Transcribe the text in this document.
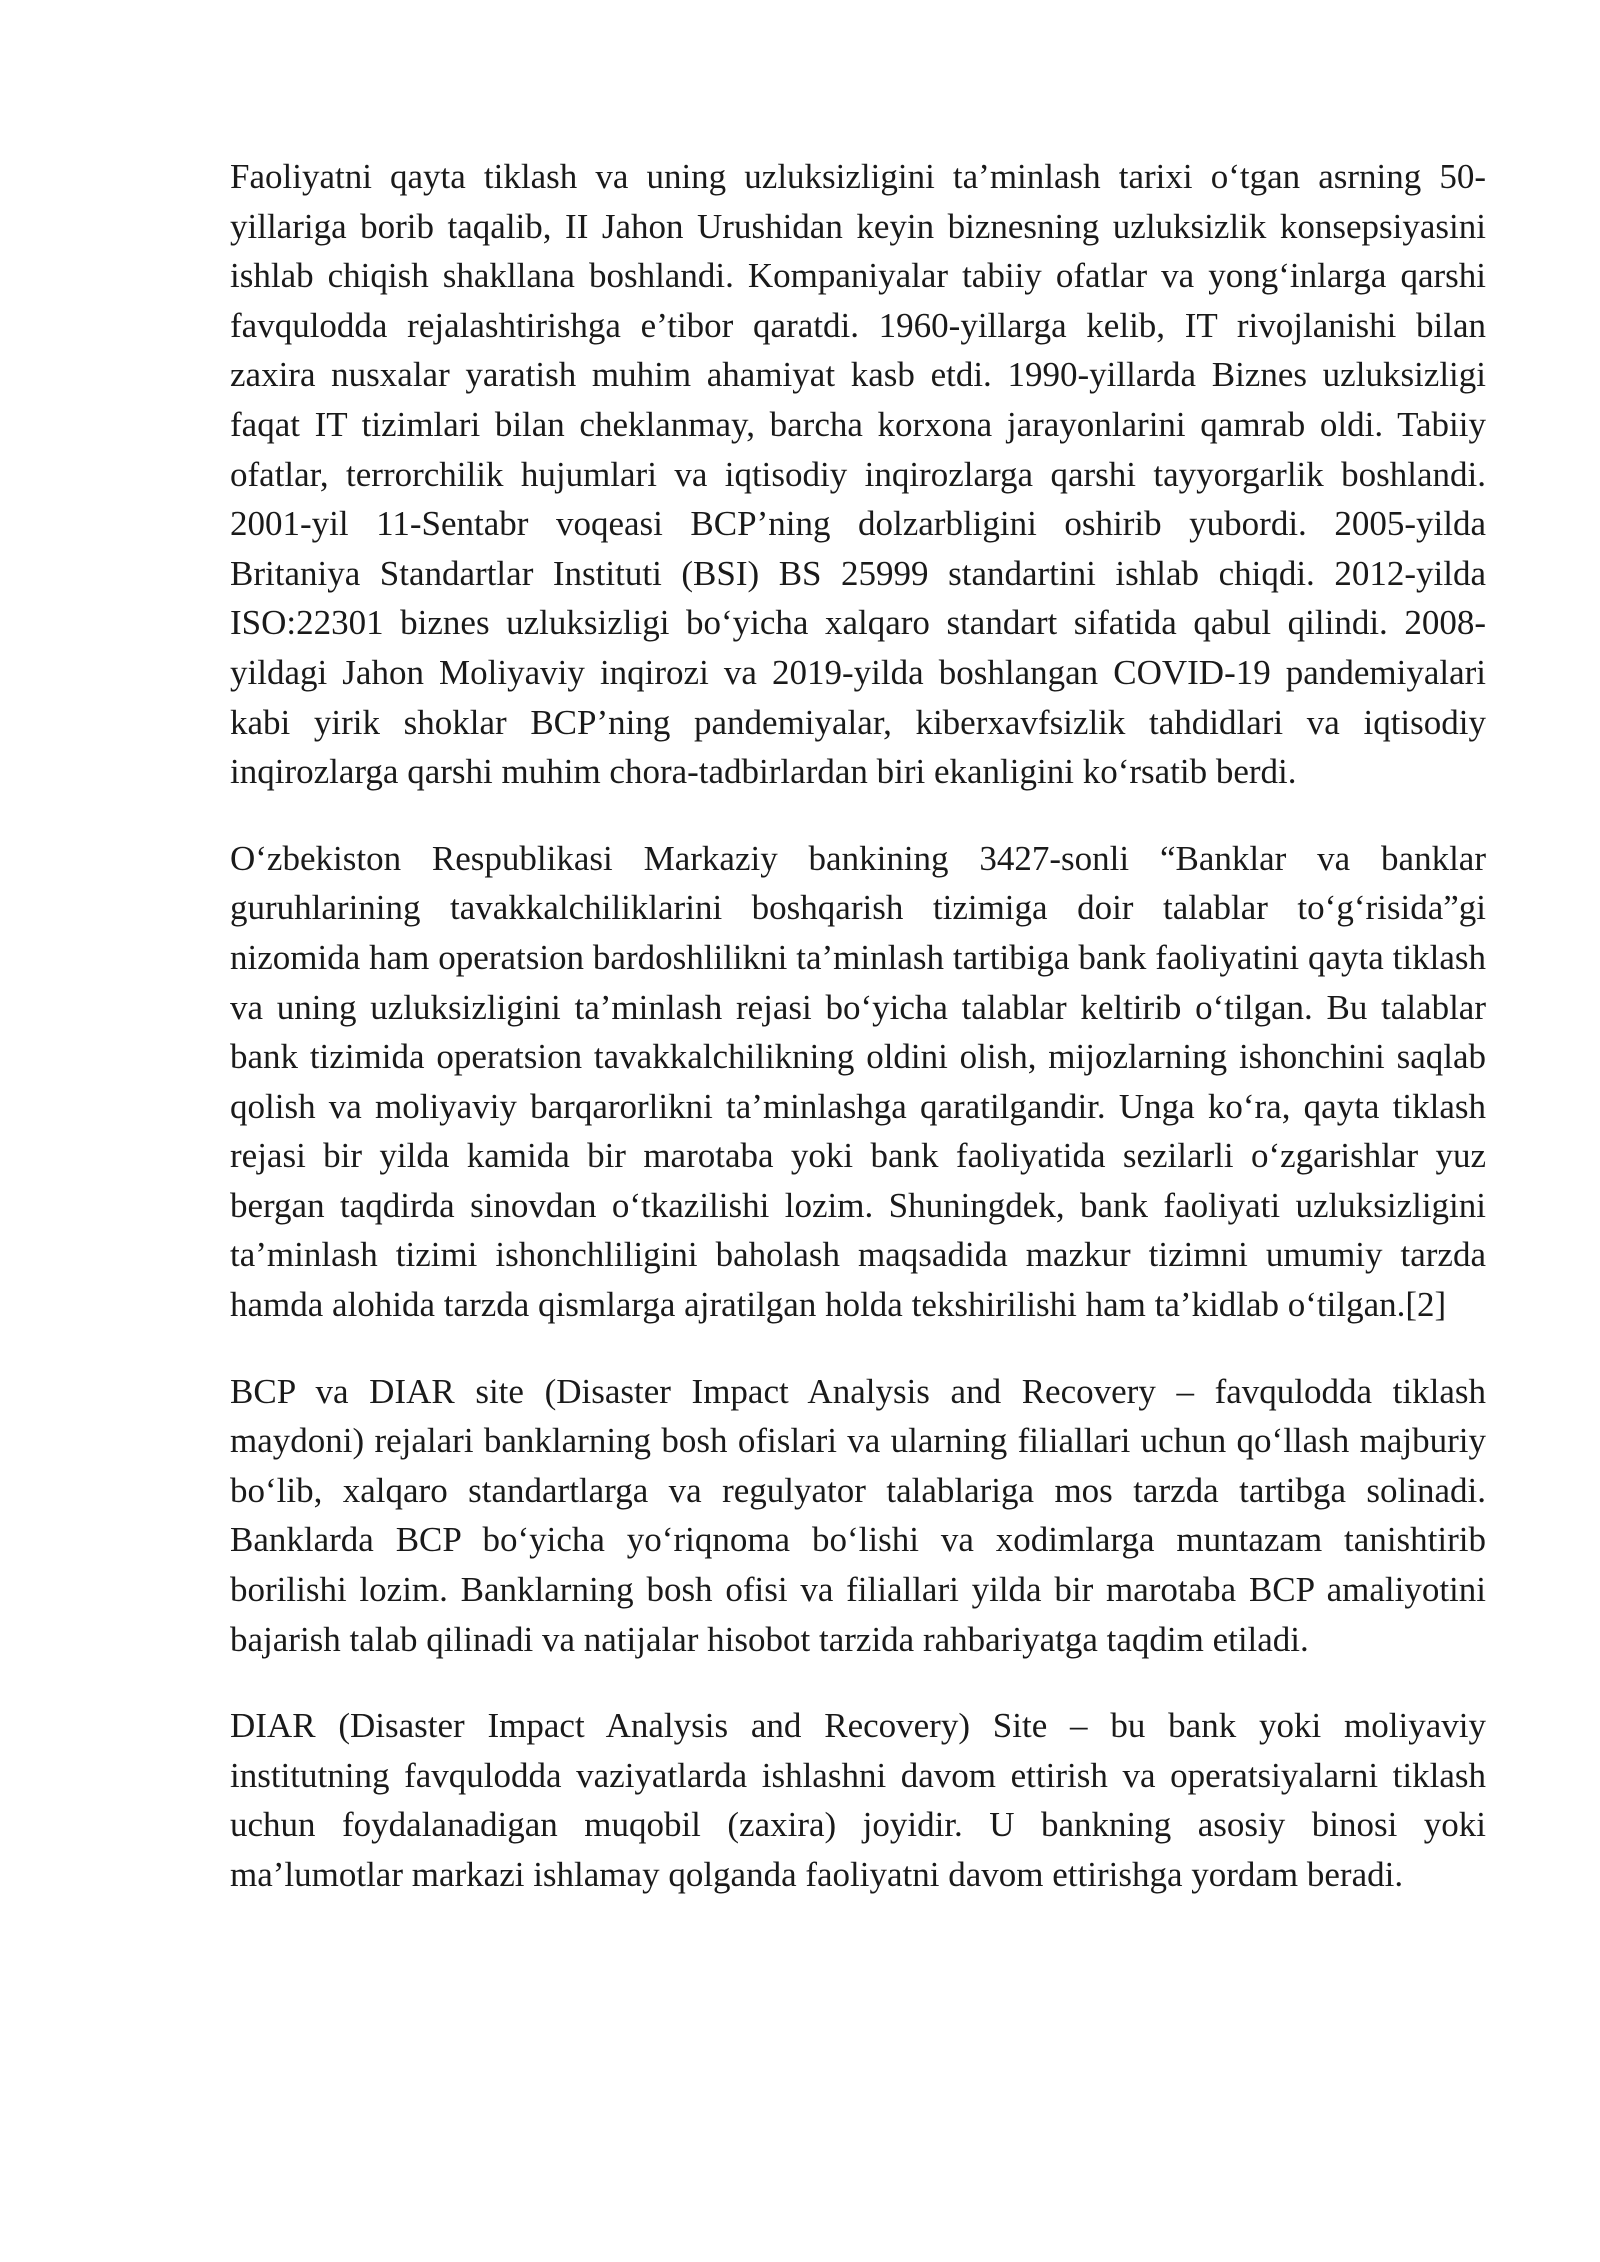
Faoliyatni qayta tiklash va uning uzluksizligini ta’minlash tarixi o‘tgan asrning 50-yillariga borib taqalib, II Jahon Urushidan keyin biznesning uzluksizlik konsepsiyasini ishlab chiqish shakllana boshlandi. Kompaniyalar tabiiy ofatlar va yong‘inlarga qarshi favqulodda rejalashtirishga e’tibor qaratdi. 1960-yillarga kelib, IT rivojlanishi bilan zaxira nusxalar yaratish muhim ahamiyat kasb etdi. 1990-yillarda Biznes uzluksizligi faqat IT tizimlari bilan cheklanmay, barcha korxona jarayonlarini qamrab oldi. Tabiiy ofatlar, terrorchilik hujumlari va iqtisodiy inqirozlarga qarshi tayyorgarlik boshlandi. 2001-yil 11-Sentabr voqeasi BCP’ning dolzarbligini oshirib yubordi. 2005-yilda Britaniya Standartlar Instituti (BSI) BS 25999 standartini ishlab chiqdi. 2012-yilda ISO:22301 biznes uzluksizligi bo‘yicha xalqaro standart sifatida qabul qilindi. 2008-yildagi Jahon Moliyaviy inqirozi va 2019-yilda boshlangan COVID-19 pandemiyalari kabi yirik shoklar BCP’ning pandemiyalar, kiberxavfsizlik tahdidlari va iqtisodiy inqirozlarga qarshi muhim chora-tadbirlardan biri ekanligini ko‘rsatib berdi.

O‘zbekiston Respublikasi Markaziy bankining 3427-sonli “Banklar va banklar guruhlarining tavakkalchiliklarini boshqarish tizimiga doir talablar to‘g‘risida”gi nizomida ham operatsion bardoshlilikni ta’minlash tartibiga bank faoliyatini qayta tiklash va uning uzluksizligini ta’minlash rejasi bo‘yicha talablar keltirib o‘tilgan. Bu talablar bank tizimida operatsion tavakkalchilikning oldini olish, mijozlarning ishonchini saqlab qolish va moliyaviy barqarorlikni ta’minlashga qaratilgandir. Unga ko‘ra, qayta tiklash rejasi bir yilda kamida bir marotaba yoki bank faoliyatida sezilarli o‘zgarishlar yuz bergan taqdirda sinovdan o‘tkazilishi lozim. Shuningdek, bank faoliyati uzluksizligini ta’minlash tizimi ishonchliligini baholash maqsadida mazkur tizimni umumiy tarzda hamda alohida tarzda qismlarga ajratilgan holda tekshirilishi ham ta’kidlab o‘tilgan.[2]

BCP va DIAR site (Disaster Impact Analysis and Recovery – favqulodda tiklash maydoni) rejalari banklarning bosh ofislari va ularning filiallari uchun qo‘llash majburiy bo‘lib, xalqaro standartlarga va regulyator talablariga mos tarzda tartibga solinadi. Banklarda BCP bo‘yicha yo‘riqnoma bo‘lishi va xodimlarga muntazam tanishtirib borilishi lozim. Banklarning bosh ofisi va filiallari yilda bir marotaba BCP amaliyotini bajarish talab qilinadi va natijalar hisobot tarzida rahbariyatga taqdim etiladi.

DIAR (Disaster Impact Analysis and Recovery) Site – bu bank yoki moliyaviy institutning favqulodda vaziyatlarda ishlashni davom ettirish va operatsiyalarni tiklash uchun foydalanadigan muqobil (zaxira) joyidir. U bankning asosiy binosi yoki ma’lumotlar markazi ishlamay qolganda faoliyatni davom ettirishga yordam beradi.
